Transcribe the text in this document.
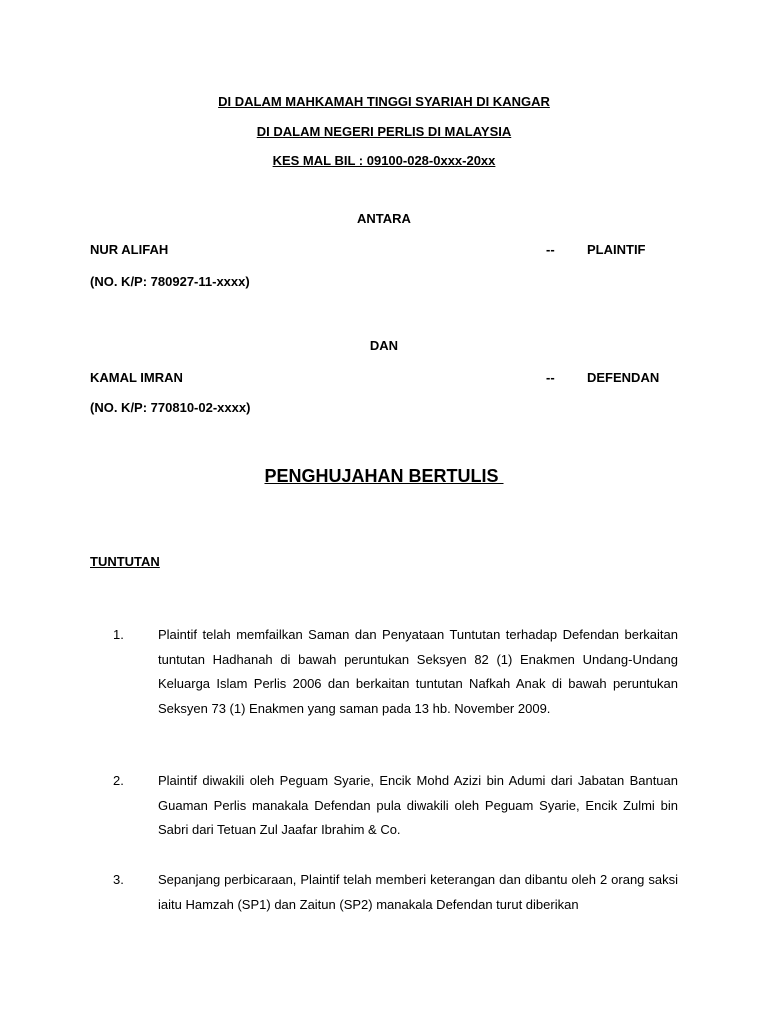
DI DALAM MAHKAMAH TINGGI SYARIAH DI KANGAR
DI DALAM NEGERI PERLIS DI MALAYSIA
KES MAL BIL : 09100-028-0xxx-20xx
ANTARA
NUR ALIFAH	-- PLAINTIF
(NO. K/P: 780927-11-xxxx)
DAN
KAMAL IMRAN	-- DEFENDAN
(NO. K/P: 770810-02-xxxx)
PENGHUJAHAN BERTULIS
TUNTUTAN
1.	Plaintif telah memfailkan Saman dan Penyataan Tuntutan terhadap Defendan berkaitan tuntutan Hadhanah di bawah peruntukan Seksyen 82 (1) Enakmen Undang-Undang Keluarga Islam Perlis 2006 dan berkaitan tuntutan Nafkah Anak di bawah peruntukan Seksyen 73 (1) Enakmen yang saman pada 13 hb. November 2009.

2.	Plaintif diwakili oleh Peguam Syarie, Encik Mohd Azizi bin Adumi dari Jabatan Bantuan Guaman Perlis manakala Defendan pula diwakili oleh Peguam Syarie, Encik Zulmi bin Sabri dari Tetuan Zul Jaafar Ibrahim & Co.

3.	Sepanjang perbicaraan, Plaintif telah memberi keterangan dan dibantu oleh 2 orang saksi iaitu Hamzah (SP1) dan Zaitun (SP2) manakala Defendan turut diberikan
